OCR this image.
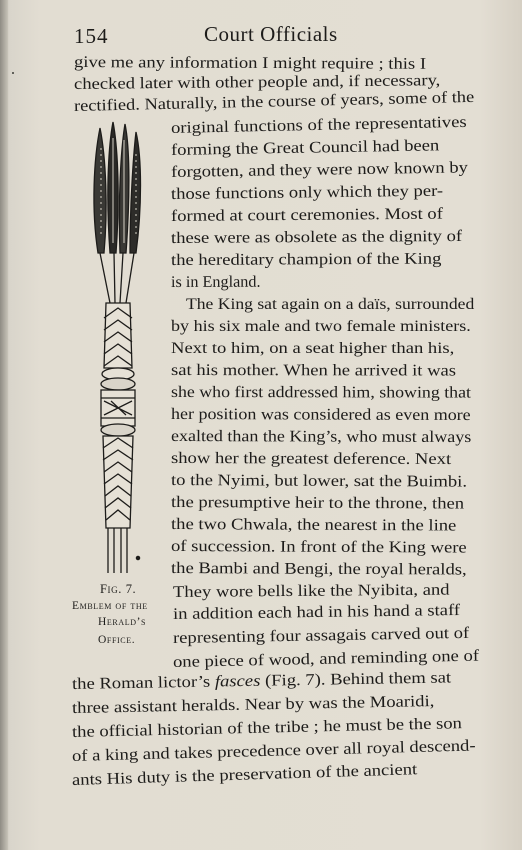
154	Court Officials
give me any information I might require ; this I
checked later with other people and, if necessary,
rectified. Naturally, in the course of years, some of the
original functions of the representatives
forming the Great Council had been
forgotten, and they were now known by
those functions only which they per-
formed at court ceremonies. Most of
these were as obsolete as the dignity of
the hereditary champion of the King
is in England.
The King sat again on a daïs, surrounded
by his six male and two female ministers.
Next to him, on a seat higher than his,
sat his mother. When he arrived it was
she who first addressed him, showing that
her position was considered as even more
exalted than the King’s, who must always
show her the greatest deference. Next
to the Nyimi, but lower, sat the Buimbi.
the presumptive heir to the throne, then
the two Chwala, the nearest in the line
of succession. In front of the King were
the Bambi and Bengi, the royal heralds,
They wore bells like the Nyibita, and
in addition each had in his hand a staff
representing four assagais carved out of
one piece of wood, and reminding one of
the Roman lictor’s fasces (Fig. 7). Behind them sat
three assistant heralds. Near by was the Moaridi,
the official historian of the tribe ; he must be the son
of a king and takes precedence over all royal descend-
ants His duty is the preservation of the ancient
Fig. 7.
Emblem of the
Herald’s
Office.
